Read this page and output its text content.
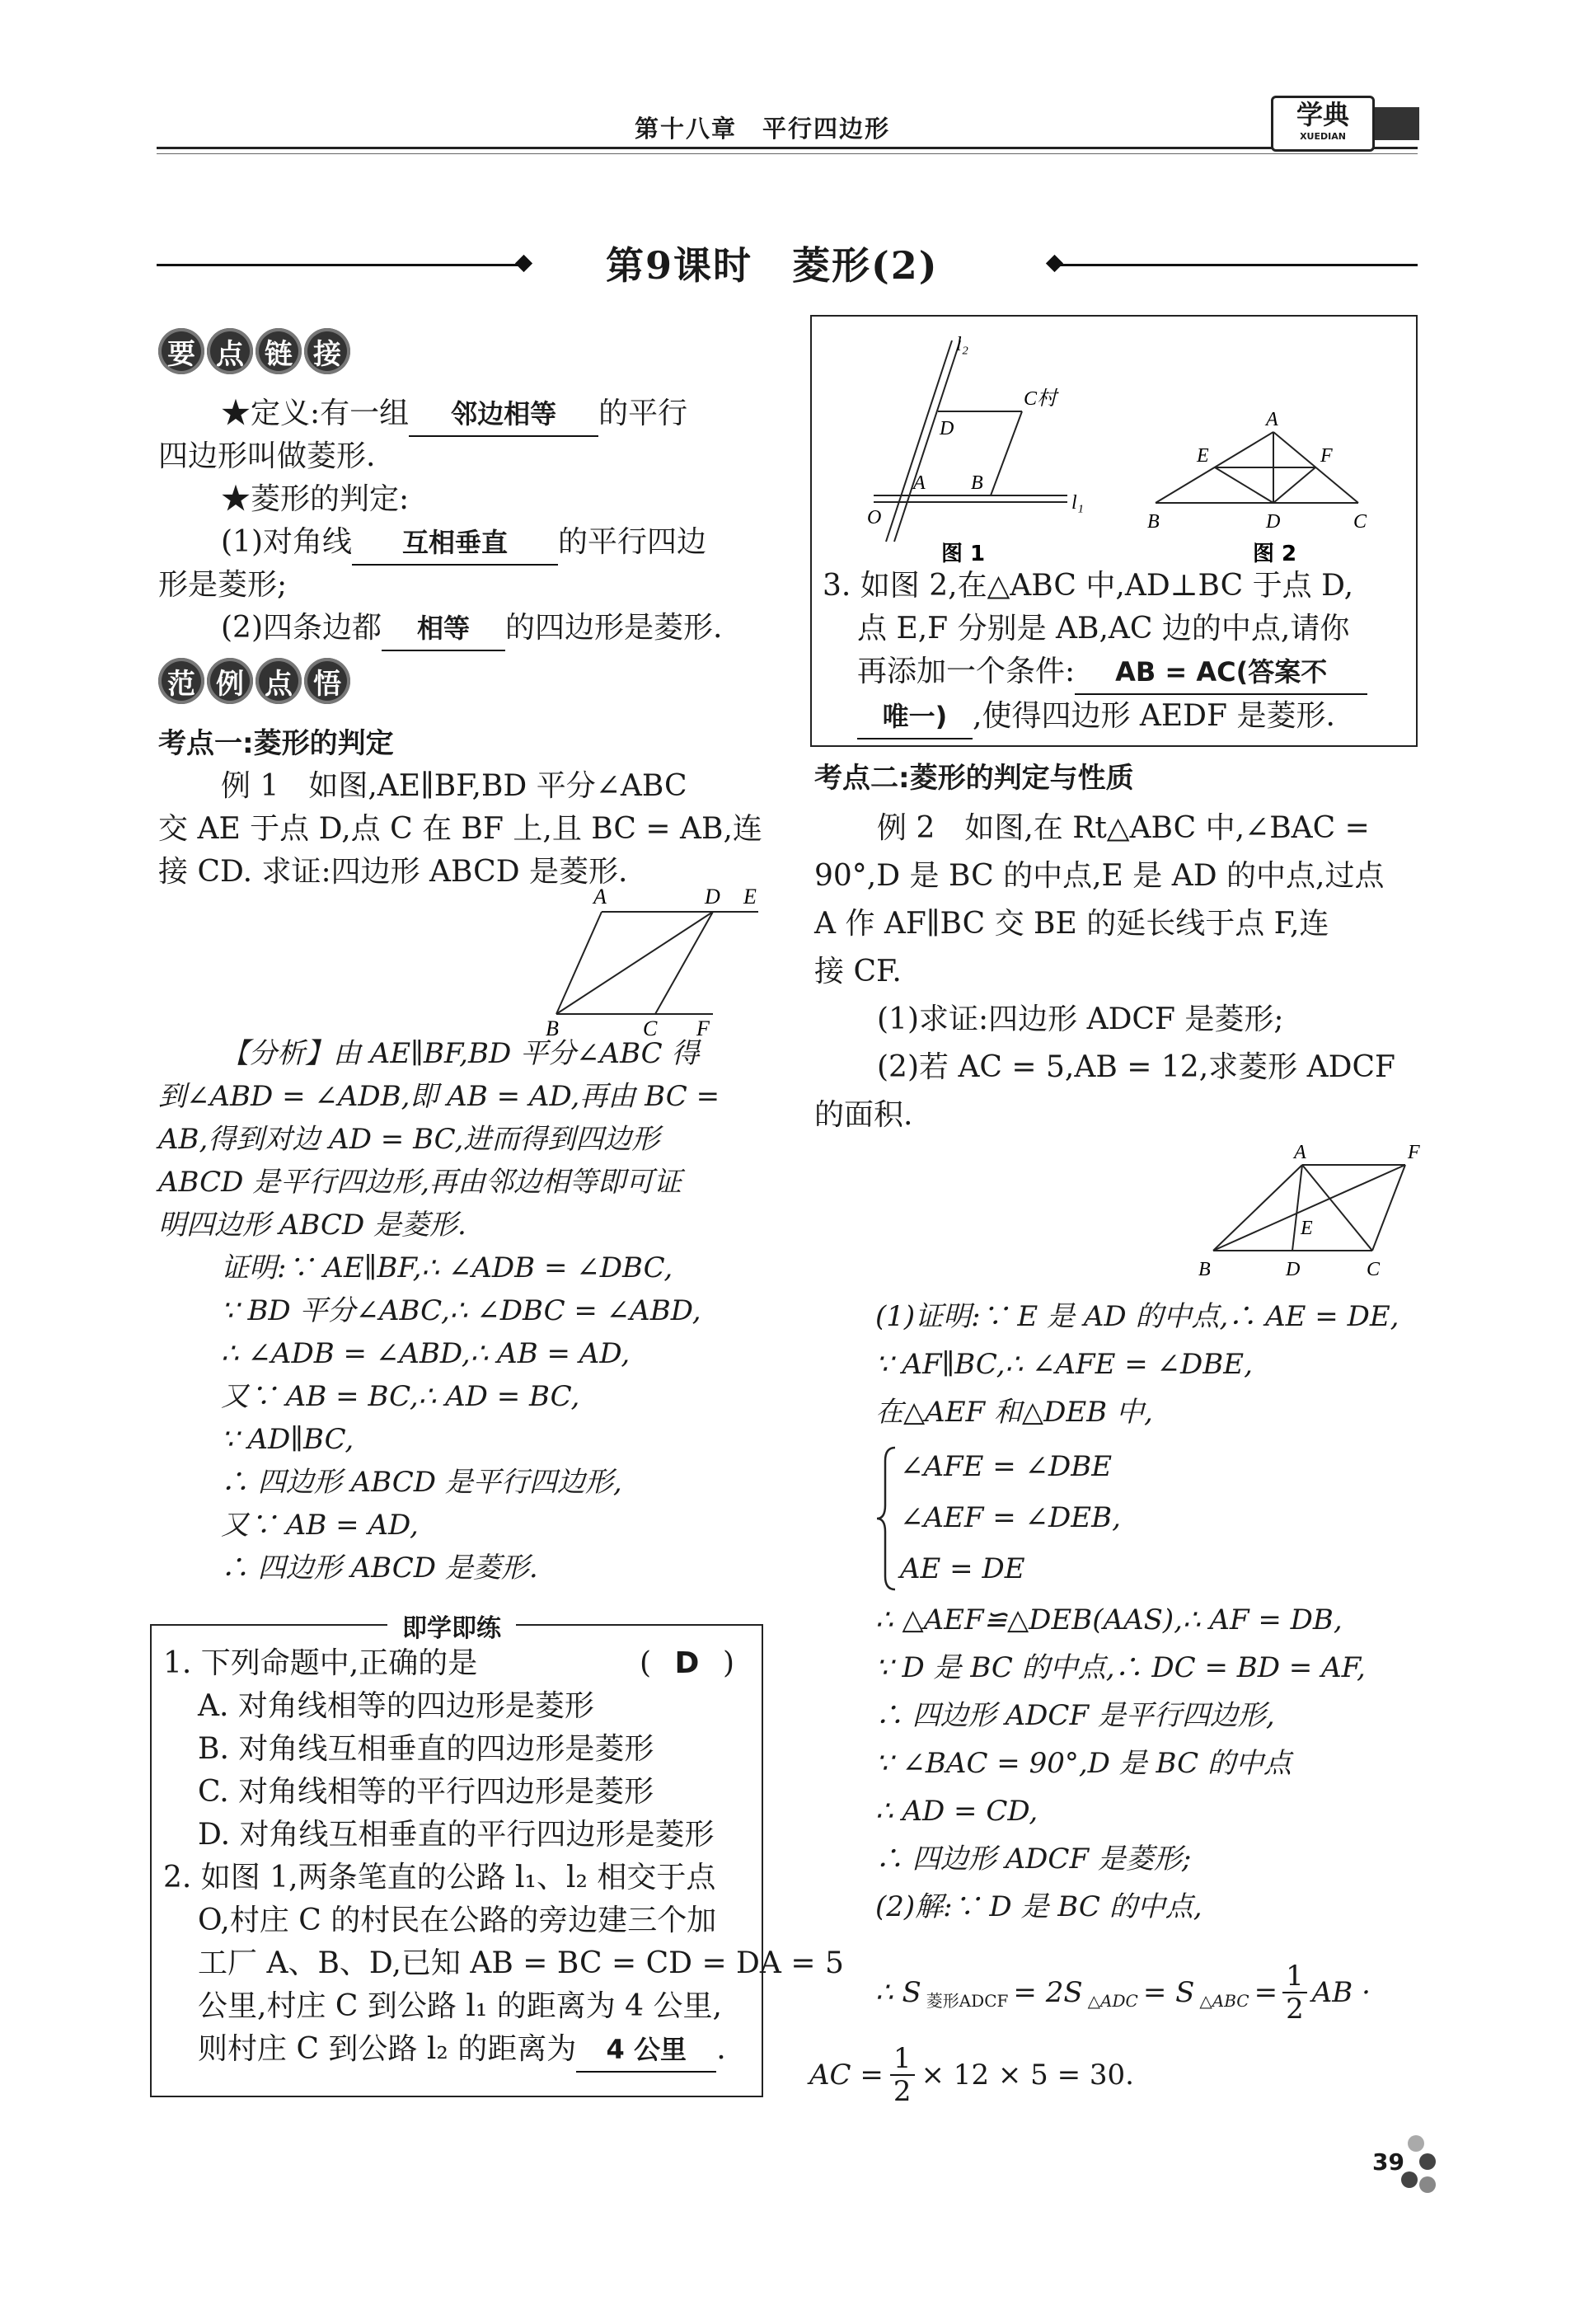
第十八章　平行四边形	学典
XUEDIAN
第9课时　菱形(2)
要 点 链 接
★定义:有一组 邻边相等 的平行
四边形叫做菱形.
★菱形的判定:
(1)对角线 互相垂直 的平行四边
形是菱形;
(2)四条边都 相等 的四边形是菱形.
范 例 点 悟
考点一:菱形的判定
例 1　如图,AE∥BF,BD 平分∠ABC
交 AE 于点 D,点 C 在 BF 上,且 BC = AB,连
接 CD. 求证:四边形 ABCD 是菱形.
A	D E
B	C F
【分析】由 AE∥BF,BD 平分∠ABC 得
到∠ABD = ∠ADB,即 AB = AD,再由 BC =
AB,得到对边 AD = BC,进而得到四边形
ABCD 是平行四边形,再由邻边相等即可证
明四边形 ABCD 是菱形.
证明:∵ AE∥BF,∴ ∠ADB = ∠DBC,
∵ BD 平分∠ABC,∴ ∠DBC = ∠ABD,
∴ ∠ADB = ∠ABD,∴ AB = AD,
又∵ AB = BC,∴ AD = BC,
∵ AD∥BC,
∴ 四边形 ABCD 是平行四边形,
又∵ AB = AD,
∴ 四边形 ABCD 是菱形.
即学即练
1. 下列命题中,正确的是	( D )
A. 对角线相等的四边形是菱形
B. 对角线互相垂直的四边形是菱形
C. 对角线相等的平行四边形是菱形
D. 对角线互相垂直的平行四边形是菱形
2. 如图 1,两条笔直的公路 l₁、l₂ 相交于点
O,村庄 C 的村民在公路的旁边建三个加
工厂 A、B、D,已知 AB = BC = CD = DA = 5
公里,村庄 C 到公路 l₁ 的距离为 4 公里,
则村庄 C 到公路 l₂ 的距离为 4 公里 .
l₂
C村
D
A B
O
l₁
图 1
A
E	F
B	D	C
图 2
3. 如图 2,在△ABC 中,AD⊥BC 于点 D,
点 E,F 分别是 AB,AC 边的中点,请你
再添加一个条件: AB = AC(答案不
唯一) ,使得四边形 AEDF 是菱形.
考点二:菱形的判定与性质
例 2　如图,在 Rt△ABC 中,∠BAC =
90°,D 是 BC 的中点,E 是 AD 的中点,过点
A 作 AF∥BC 交 BE 的延长线于点 F,连
接 CF.
(1)求证:四边形 ADCF 是菱形;
(2)若 AC = 5,AB = 12,求菱形 ADCF
的面积.
A	F
E
B	D	C
(1)证明:∵ E 是 AD 的中点,∴ AE = DE,
∵ AF∥BC,∴ ∠AFE = ∠DBE,
在△AEF 和△DEB 中,
∠AFE = ∠DBE
∠AEF = ∠DEB,
AE = DE
∴ △AEF≌△DEB(AAS),∴ AF = DB,
∵ D 是 BC 的中点,∴ DC = BD = AF,
∴ 四边形 ADCF 是平行四边形,
∵ ∠BAC = 90°,D 是 BC 的中点
∴ AD = CD,
∴ 四边形 ADCF 是菱形;
(2)解:∵ D 是 BC 的中点,
∴ S $_{菱形ADCF}$ = 2S $_{\triangle ADC}$ = S $_{\triangle ABC} = \frac{1}{2}$ AB ·
AC = $\frac{1}{2} \times 12 \times 5 = 30$.
39
